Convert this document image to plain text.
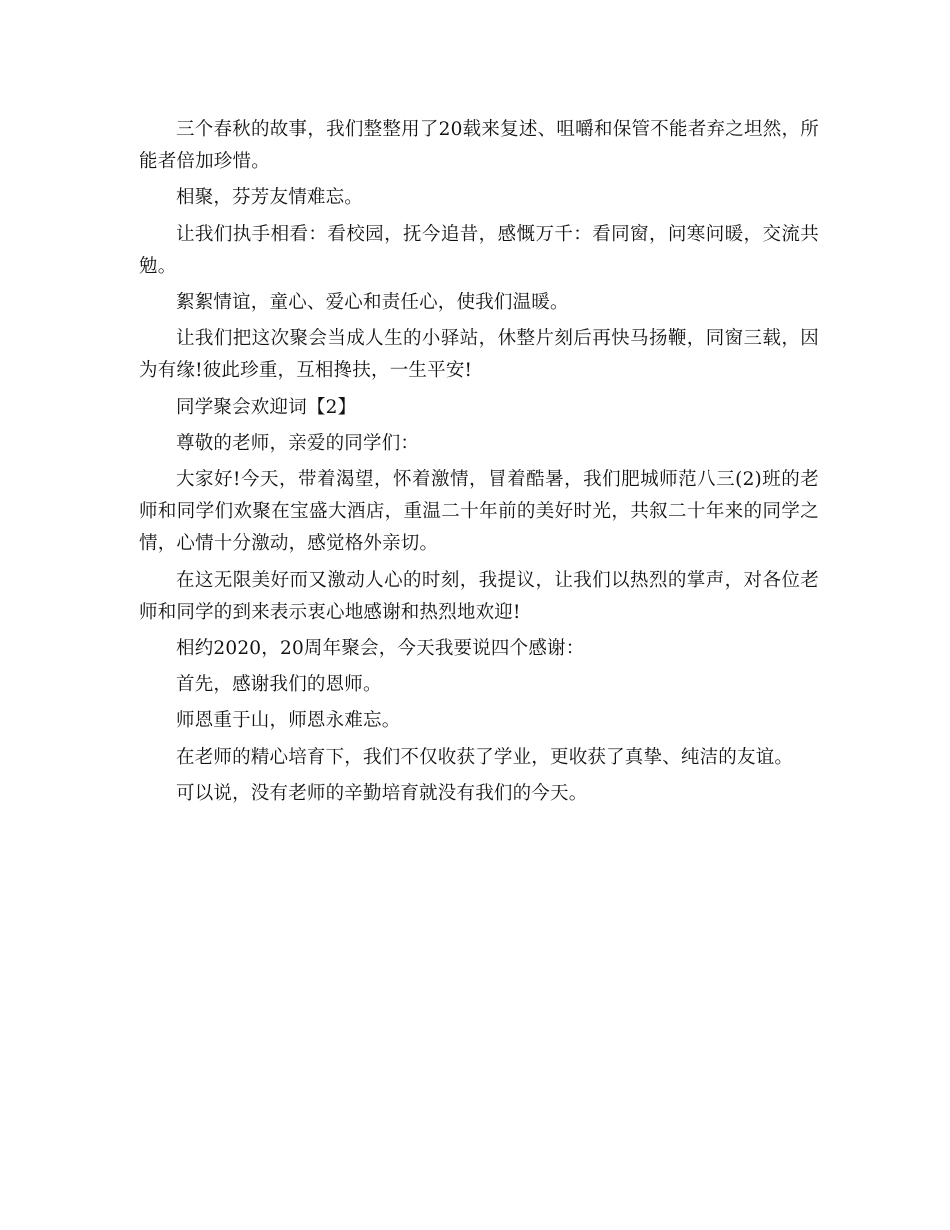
三个春秋的故事，我们整整用了20载来复述、咀嚼和保管不能者弃之坦然，所能者倍加珍惜。

相聚，芬芳友情难忘。

让我们执手相看：看校园，抚今追昔，感慨万千：看同窗，问寒问暖，交流共勉。

絮絮情谊，童心、爱心和责任心，使我们温暖。

让我们把这次聚会当成人生的小驿站，休整片刻后再快马扬鞭，同窗三载，因为有缘!彼此珍重，互相搀扶，一生平安!

同学聚会欢迎词【2】

尊敬的老师，亲爱的同学们：

大家好!今天，带着渴望，怀着激情，冒着酷暑，我们肥城师范八三(2)班的老师和同学们欢聚在宝盛大酒店，重温二十年前的美好时光，共叙二十年来的同学之情，心情十分激动，感觉格外亲切。

在这无限美好而又激动人心的时刻，我提议，让我们以热烈的掌声，对各位老师和同学的到来表示衷心地感谢和热烈地欢迎!

相约2020，20周年聚会，今天我要说四个感谢：

首先，感谢我们的恩师。

师恩重于山，师恩永难忘。

在老师的精心培育下，我们不仅收获了学业，更收获了真挚、纯洁的友谊。

可以说，没有老师的辛勤培育就没有我们的今天。
